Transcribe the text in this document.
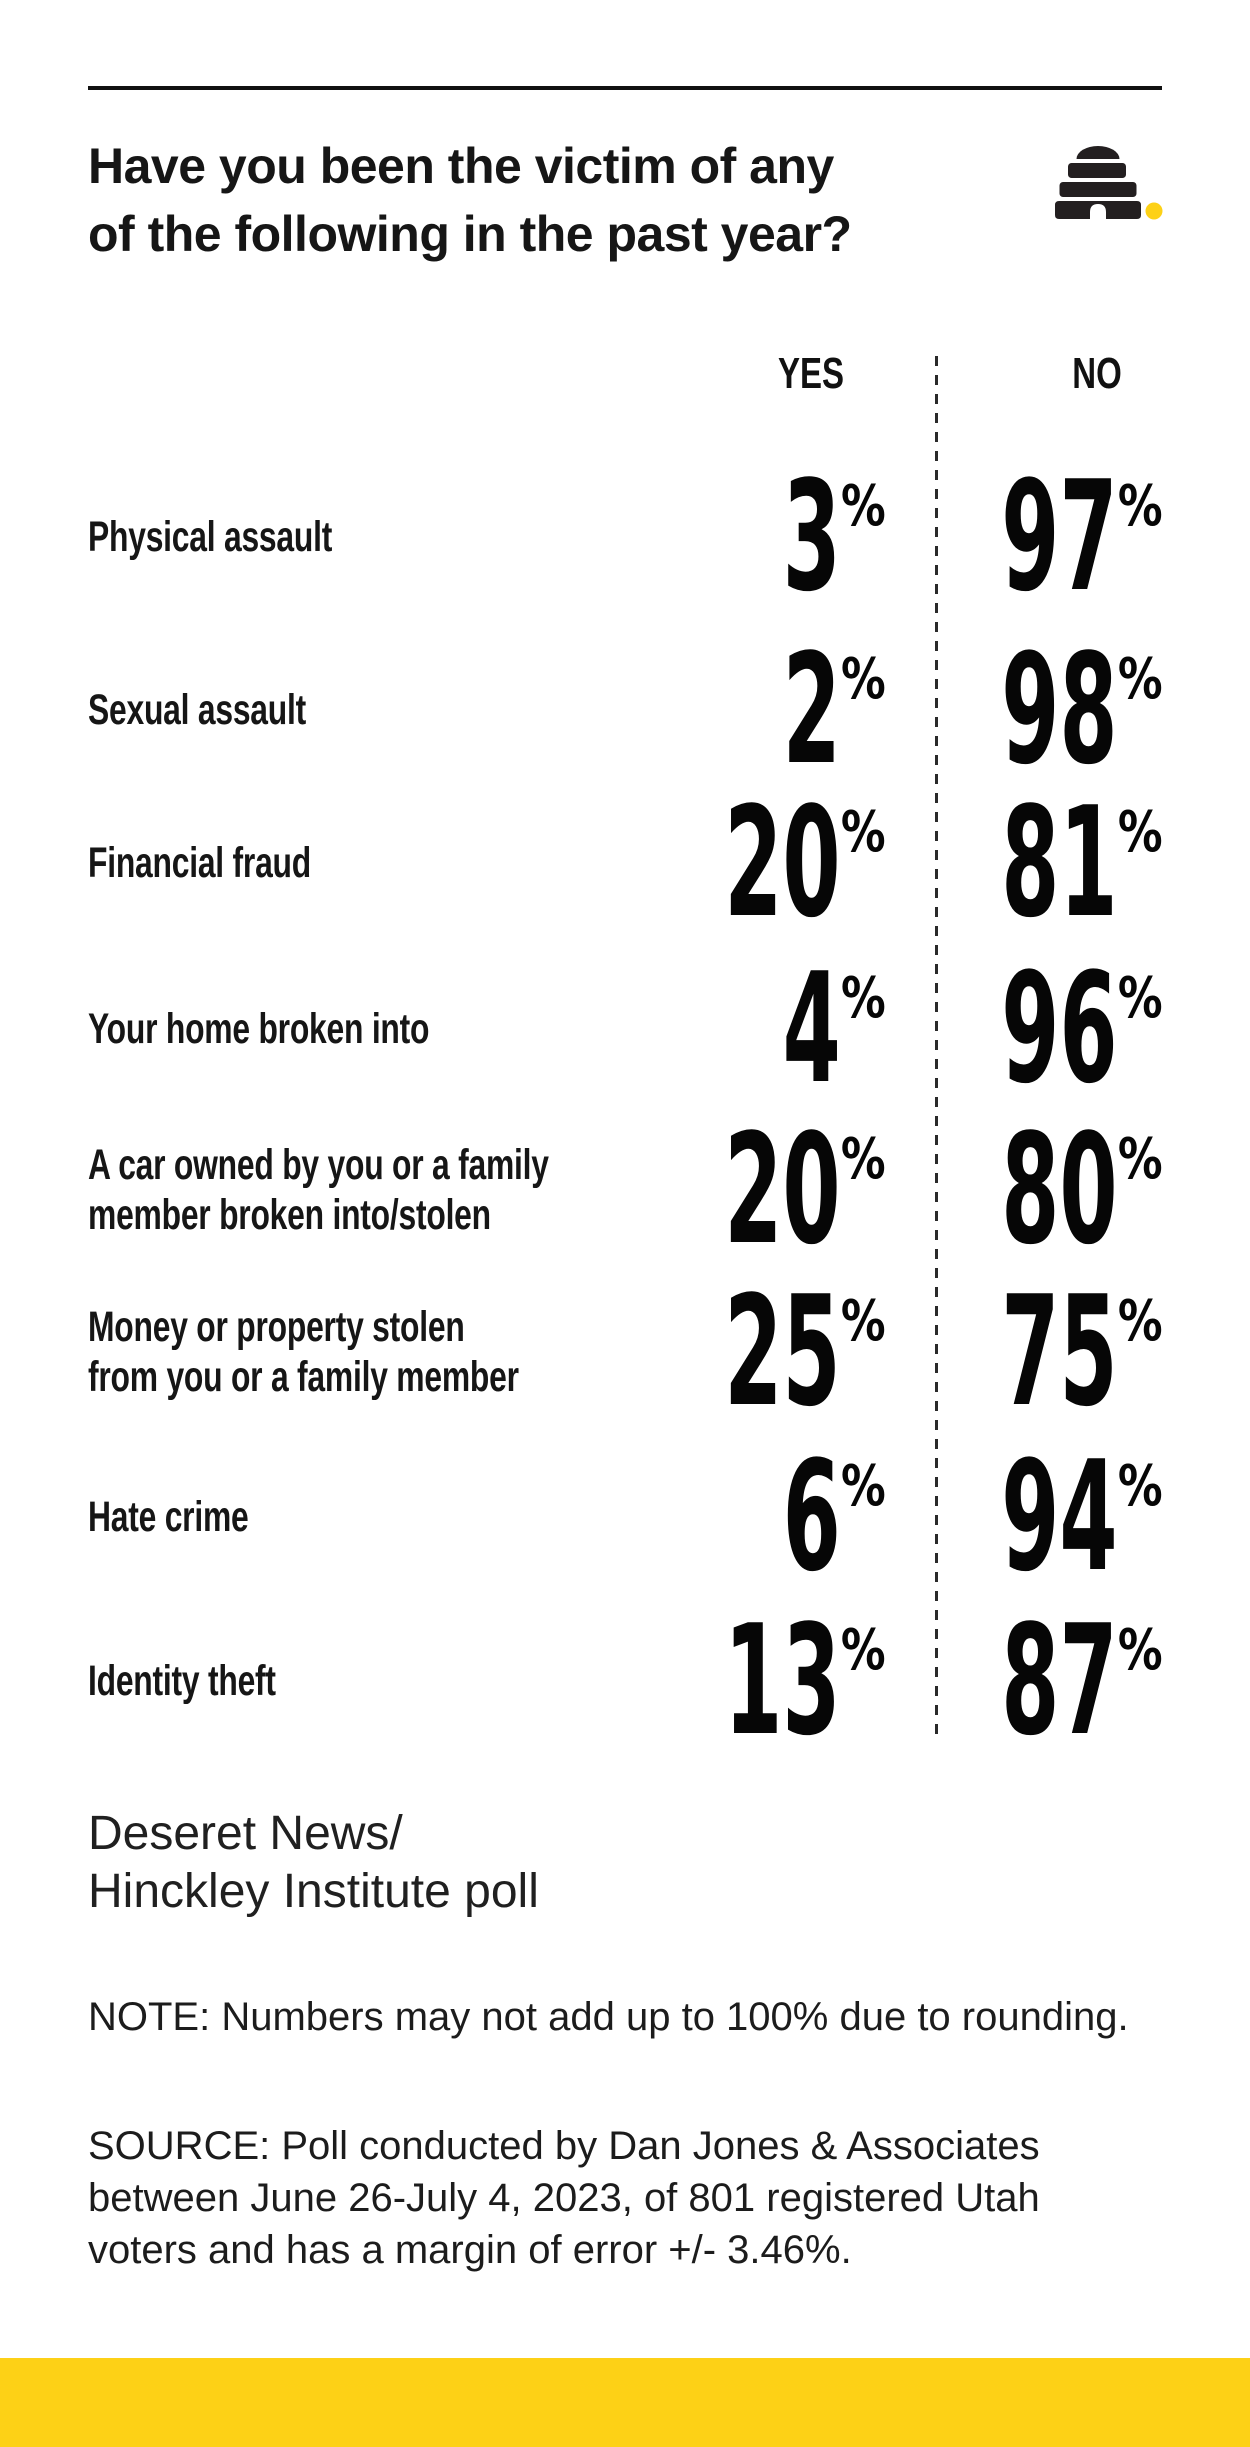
Have you been the victim of any
of the following in the past year?
YES	NO
Physical assault	3 % 97 %
Sexual assault	2 % 98 %
Financial fraud	20 % 81 %
Your home broken into 4 % 96 %
A car owned by you or a family
member broken into/stolen	20 % 80 %
Money or property stolen
from you or a family member 25 % 75 %
Hate crime	6 % 94 %
Identity theft	13 % 87 %
Deseret News/
Hinckley Institute poll
NOTE: Numbers may not add up to 100% due to rounding.
SOURCE: Poll conducted by Dan Jones & Associates
between June 26-July 4, 2023, of 801 registered Utah
voters and has a margin of error +/- 3.46%.
